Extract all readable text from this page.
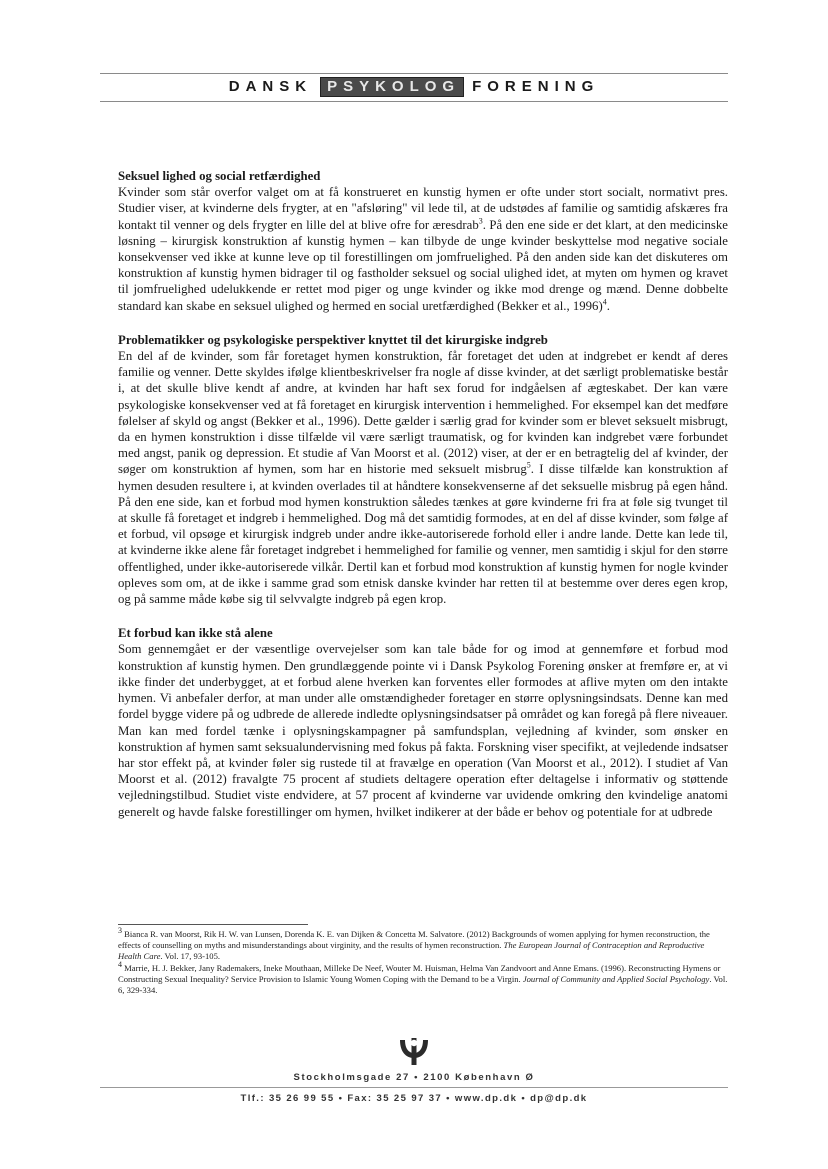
DANSK PSYKOLOG FORENING
Seksuel lighed og social retfærdighed

Kvinder som står overfor valget om at få konstrueret en kunstig hymen er ofte under stort socialt, normativt pres. Studier viser, at kvinderne dels frygter, at en "afsløring" vil lede til, at de udstødes af familie og samtidig afskæres fra kontakt til venner og dels frygter en lille del at blive ofre for æresdrab$^3$. På den ene side er det klart, at den medicinske løsning – kirurgisk konstruktion af kunstig hymen – kan tilbyde de unge kvinder beskyttelse mod negative sociale konsekvenser ved ikke at kunne leve op til forestillingen om jomfruelighed. På den anden side kan det diskuteres om konstruktion af kunstig hymen bidrager til og fastholder seksuel og social ulighed idet, at myten om hymen og kravet til jomfruelighed udelukkende er rettet mod piger og unge kvinder og ikke mod drenge og mænd. Denne dobbelte standard kan skabe en seksuel ulighed og hermed en social uretfærdighed (Bekker et al., 1996)$^4$.

Problematikker og psykologiske perspektiver knyttet til det kirurgiske indgreb

En del af de kvinder, som får foretaget hymen konstruktion, får foretaget det uden at indgrebet er kendt af deres familie og venner. Dette skyldes ifølge klientbeskrivelser fra nogle af disse kvinder, at det særligt problematiske består i, at det skulle blive kendt af andre, at kvinden har haft sex forud for indgåelsen af ægteskabet. Der kan være psykologiske konsekvenser ved at få foretaget en kirurgisk intervention i hemmelighed. For eksempel kan det medføre følelser af skyld og angst (Bekker et al., 1996). Dette gælder i særlig grad for kvinder som er blevet seksuelt misbrugt, da en hymen konstruktion i disse tilfælde vil være særligt traumatisk, og for kvinden kan indgrebet være forbundet med angst, panik og depression. Et studie af Van Moorst et al. (2012) viser, at der er en betragtelig del af kvinder, der søger om konstruktion af hymen, som har en historie med seksuelt misbrug$^5$. I disse tilfælde kan konstruktion af hymen desuden resultere i, at kvinden overlades til at håndtere konsekvenserne af det seksuelle misbrug på egen hånd. På den ene side, kan et forbud mod hymen konstruktion således tænkes at gøre kvinderne fri fra at føle sig tvunget til at skulle få foretaget et indgreb i hemmelighed. Dog må det samtidig formodes, at en del af disse kvinder, som følge af et forbud, vil opsøge et kirurgisk indgreb under andre ikke-autoriserede forhold eller i andre lande. Dette kan lede til, at kvinderne ikke alene får foretaget indgrebet i hemmelighed for familie og venner, men samtidig i skjul for den større offentlighed, under ikke-autoriserede vilkår. Dertil kan et forbud mod konstruktion af kunstig hymen for nogle kvinder opleves som om, at de ikke i samme grad som etnisk danske kvinder har retten til at bestemme over deres egen krop, og på samme måde købe sig til selvvalgte indgreb på egen krop.

Et forbud kan ikke stå alene

Som gennemgået er der væsentlige overvejelser som kan tale både for og imod at gennemføre et forbud mod konstruktion af kunstig hymen. Den grundlæggende pointe vi i Dansk Psykolog Forening ønsker at fremføre er, at vi ikke finder det underbygget, at et forbud alene hverken kan forventes eller formodes at aflive myten om den intakte hymen. Vi anbefaler derfor, at man under alle omstændigheder foretager en større oplysningsindsats. Denne kan med fordel bygge videre på og udbrede de allerede indledte oplysningsindsatser på området og kan foregå på flere niveauer. Man kan med fordel tænke i oplysningskampagner på samfundsplan, vejledning af kvinder, som ønsker en konstruktion af hymen samt seksualundervisning med fokus på fakta. Forskning viser specifikt, at vejledende indsatser har stor effekt på, at kvinder føler sig rustede til at fravælge en operation (Van Moorst et al., 2012). I studiet af Van Moorst et al. (2012) fravalgte 75 procent af studiets deltagere operation efter deltagelse i informativ og støttende vejledningstilbud. Studiet viste endvidere, at 57 procent af kvinderne var uvidende omkring den kvindelige anatomi generelt og havde falske forestillinger om hymen, hvilket indikerer at der både er behov og potentiale for at udbrede

$^3$ Bianca R. van Moorst, Rik H. W. van Lunsen, Dorenda K. E. van Dijken & Concetta M. Salvatore. (2012) Backgrounds of women applying for hymen reconstruction, the effects of counselling on myths and misunderstandings about virginity, and the results of hymen reconstruction. The European Journal of Contraception and Reproductive Health Care. Vol. 17, 93-105.

$^4$ Marrie, H. J. Bekker, Jany Rademakers, Ineke Mouthaan, Milleke De Neef, Wouter M. Huisman, Helma Van Zandvoort and Anne Emans. (1996). Reconstructing Hymens or Constructing Sexual Inequality? Service Provision to Islamic Young Women Coping with the Demand to be a Virgin. Journal of Community and Applied Social Psychology. Vol. 6, 329-334.

Stockholmsgade 27 • 2100 København Ø
Tlf.: 35 26 99 55 • Fax: 35 25 97 37 • www.dp.dk • dp@dp.dk
